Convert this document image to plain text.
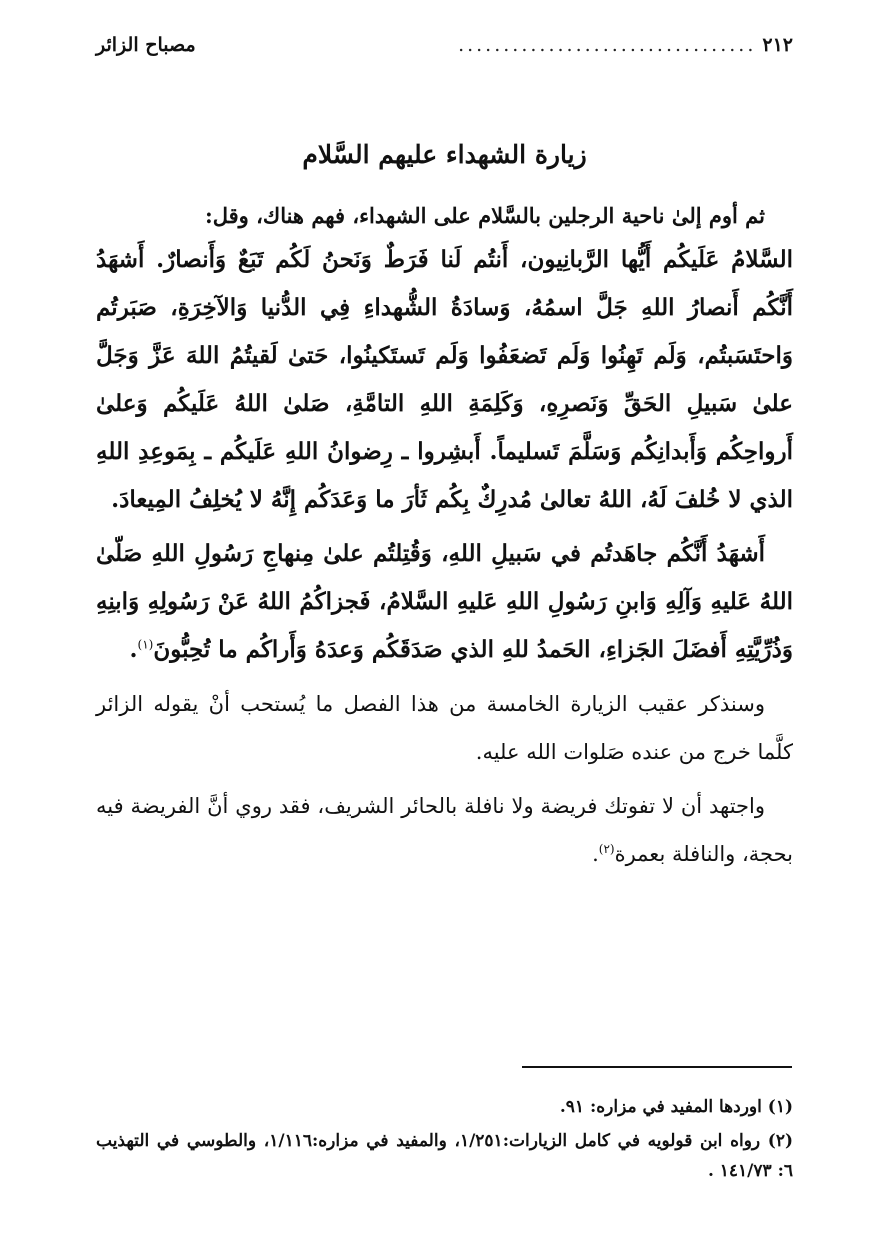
٢١٢
.................................
مصباح الزائر
زيارة الشهداء عليهم السَّلام

ثم أوم إلىٰ ناحية الرجلين بالسَّلام على الشهداء، فهم هناك، وقل:

السَّلامُ عَلَيكُم أَيُّها الرَّبانِيون، أَنتُم لَنا فَرَطٌ وَنَحنُ لَكُم تَبَعٌ وَأَنصارٌ. أَشهَدُ أَنَّكُم أَنصارُ اللهِ جَلَّ اسمُهُ، وَسادَةُ الشُّهداءِ فِي الدُّنيا وَالآخِرَةِ، صَبَرتُم وَاحتَسَبتُم، وَلَم تَهِنُوا وَلَم تَضعَفُوا وَلَم تَستَكينُوا، حَتىٰ لَقيتُمُ اللهَ عَزَّ وَجَلَّ علىٰ سَبيلِ الحَقِّ وَنَصرِهِ، وَكَلِمَةِ اللهِ التامَّةِ، صَلىٰ اللهُ عَلَيكُم وَعلىٰ أَرواحِكُم وَأَبدانِكُم وَسَلَّمَ تَسليماً. أَبشِروا ـ رِضوانُ اللهِ عَلَيكُم ـ بِمَوعِدِ اللهِ الذي لا خُلفَ لَهُ، اللهُ تعالىٰ مُدرِكٌ بِكُم ثَأرَ ما وَعَدَكُم إِنَّهُ لا يُخلِفُ المِيعادَ.

أَشهَدُ أَنَّكُم جاهَدتُم في سَبيلِ اللهِ، وَقُتِلتُم علىٰ مِنهاجِ رَسُولِ اللهِ صَلّىٰ اللهُ عَليهِ وَآلِهِ وَابنِ رَسُولِ اللهِ عَليهِ السَّلامُ، فَجزاكُمُ اللهُ عَنْ رَسُولِهِ وَابنِهِ وَذُرِّيَّتِهِ أَفضَلَ الجَزاءِ، الحَمدُ للهِ الذي صَدَقَكُم وَعدَهُ وَأَراكُم ما تُحِبُّونَ$^{(١)}$.

وسنذكر عقيب الزيارة الخامسة من هذا الفصل ما يُستحب أنْ يقوله الزائر كلَّما خرج من عنده صَلوات الله عليه.

واجتهد أن لا تفوتك فريضة ولا نافلة بالحائر الشريف، فقد روي أنَّ الفريضة فيه بحجة، والنافلة بعمرة$^{(٢)}$.

(١) اوردها المفيد في مزاره: ٩١.

(٢) رواه ابن قولويه في كامل الزيارات:١/٢٥١، والمفيد في مزاره:١/١١٦، والطوسي في التهذيب ٦: ١٤١/٧٣ .
